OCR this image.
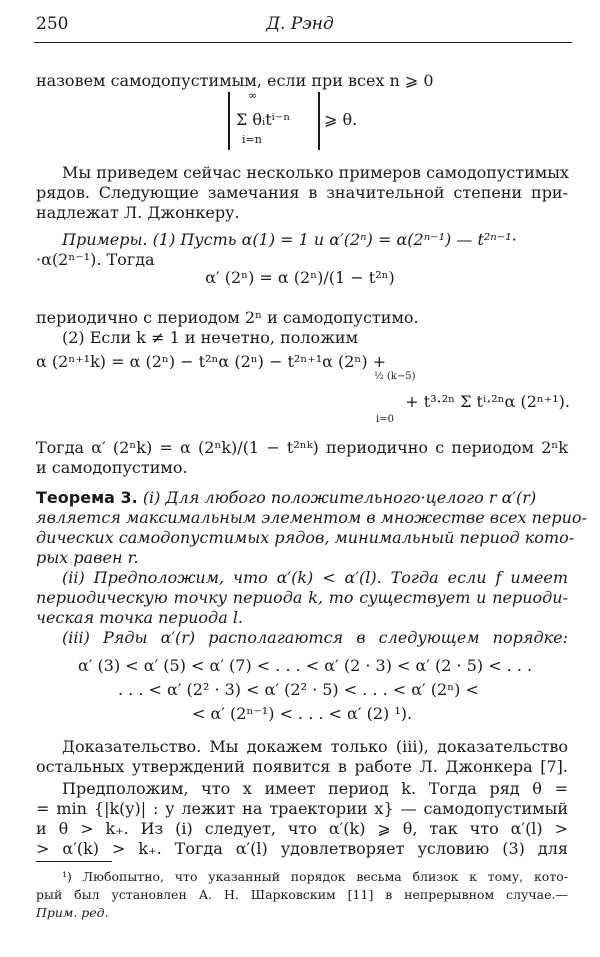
250	Д. Рэнд
назовем самодопустимым, если при всех n ⩾ 0
∞
Σ θᵢtⁱ⁻ⁿ
i=n
⩾ θ.
Мы приведем сейчас несколько примеров самодопустимых
рядов. Следующие замечания в значительной степени при-
надлежат Л. Джонкеру.
Примеры. (1) Пусть α(1) = 1 и α′(2ⁿ) = α(2ⁿ⁻¹) — t²ⁿ⁻¹·
·α(2ⁿ⁻¹). Тогда
α′ (2ⁿ) = α (2ⁿ)/(1 − t²ⁿ)
периодично с периодом 2ⁿ и самодопустимо.
(2) Если k ≠ 1 и нечетно, положим
α (2ⁿ⁺¹k) = α (2ⁿ) − t²ⁿα (2ⁿ) − t²ⁿ⁺¹α (2ⁿ) +
½ (k−5)
+ t³·²ⁿ Σ tⁱ·²ⁿα (2ⁿ⁺¹).
i=0
Тогда α′ (2ⁿk) = α (2ⁿk)/(1 − t²ⁿᵏ) периодично с периодом 2ⁿk
и самодопустимо.
Теорема 3. (i) Для любого положительного·целого r α′(r)
является максимальным элементом в множестве всех перио-
дических самодопустимых рядов, минимальный период кото-
рых равен r.
(ii) Предположим, что α′(k) < α′(l). Тогда если f имеет
периодическую точку периода k, то существует и периоди-
ческая точка периода l.
(iii) Ряды α′(r) располагаются в следующем порядке:
α′ (3) < α′ (5) < α′ (7) < . . . < α′ (2 · 3) < α′ (2 · 5) < . . .
. . . < α′ (2² · 3) < α′ (2² · 5) < . . . < α′ (2ⁿ) <
< α′ (2ⁿ⁻¹) < . . . < α′ (2) ¹).
Доказательство. Мы докажем только (iii), доказательство
остальных утверждений появится в работе Л. Джонкера [7].
Предположим, что x имеет период k. Тогда ряд θ =
= min {|k(y)| : y лежит на траектории x} — самодопустимый
и θ > k₊. Из (i) следует, что α′(k) ⩾ θ, так что α′(l) >
> α′(k) > k₊. Тогда α′(l) удовлетворяет условию (3) для
¹) Любопытно, что указанный порядок весьма близок к тому, кото-
рый был установлен А. Н. Шарковским [11] в непрерывном случае.—
Прим. ред.
